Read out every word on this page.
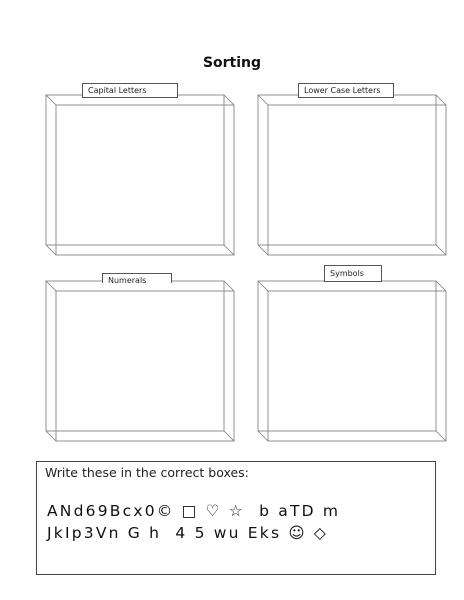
Sorting
Capital Letters	Lower Case Letters
Numerals
Symbols
Write these in the correct boxes:
ANd69Bcx0© □ ♡ ☆  b aTD m
JkIp3Vn G h  4 5 wu Eks ☺ ◇
